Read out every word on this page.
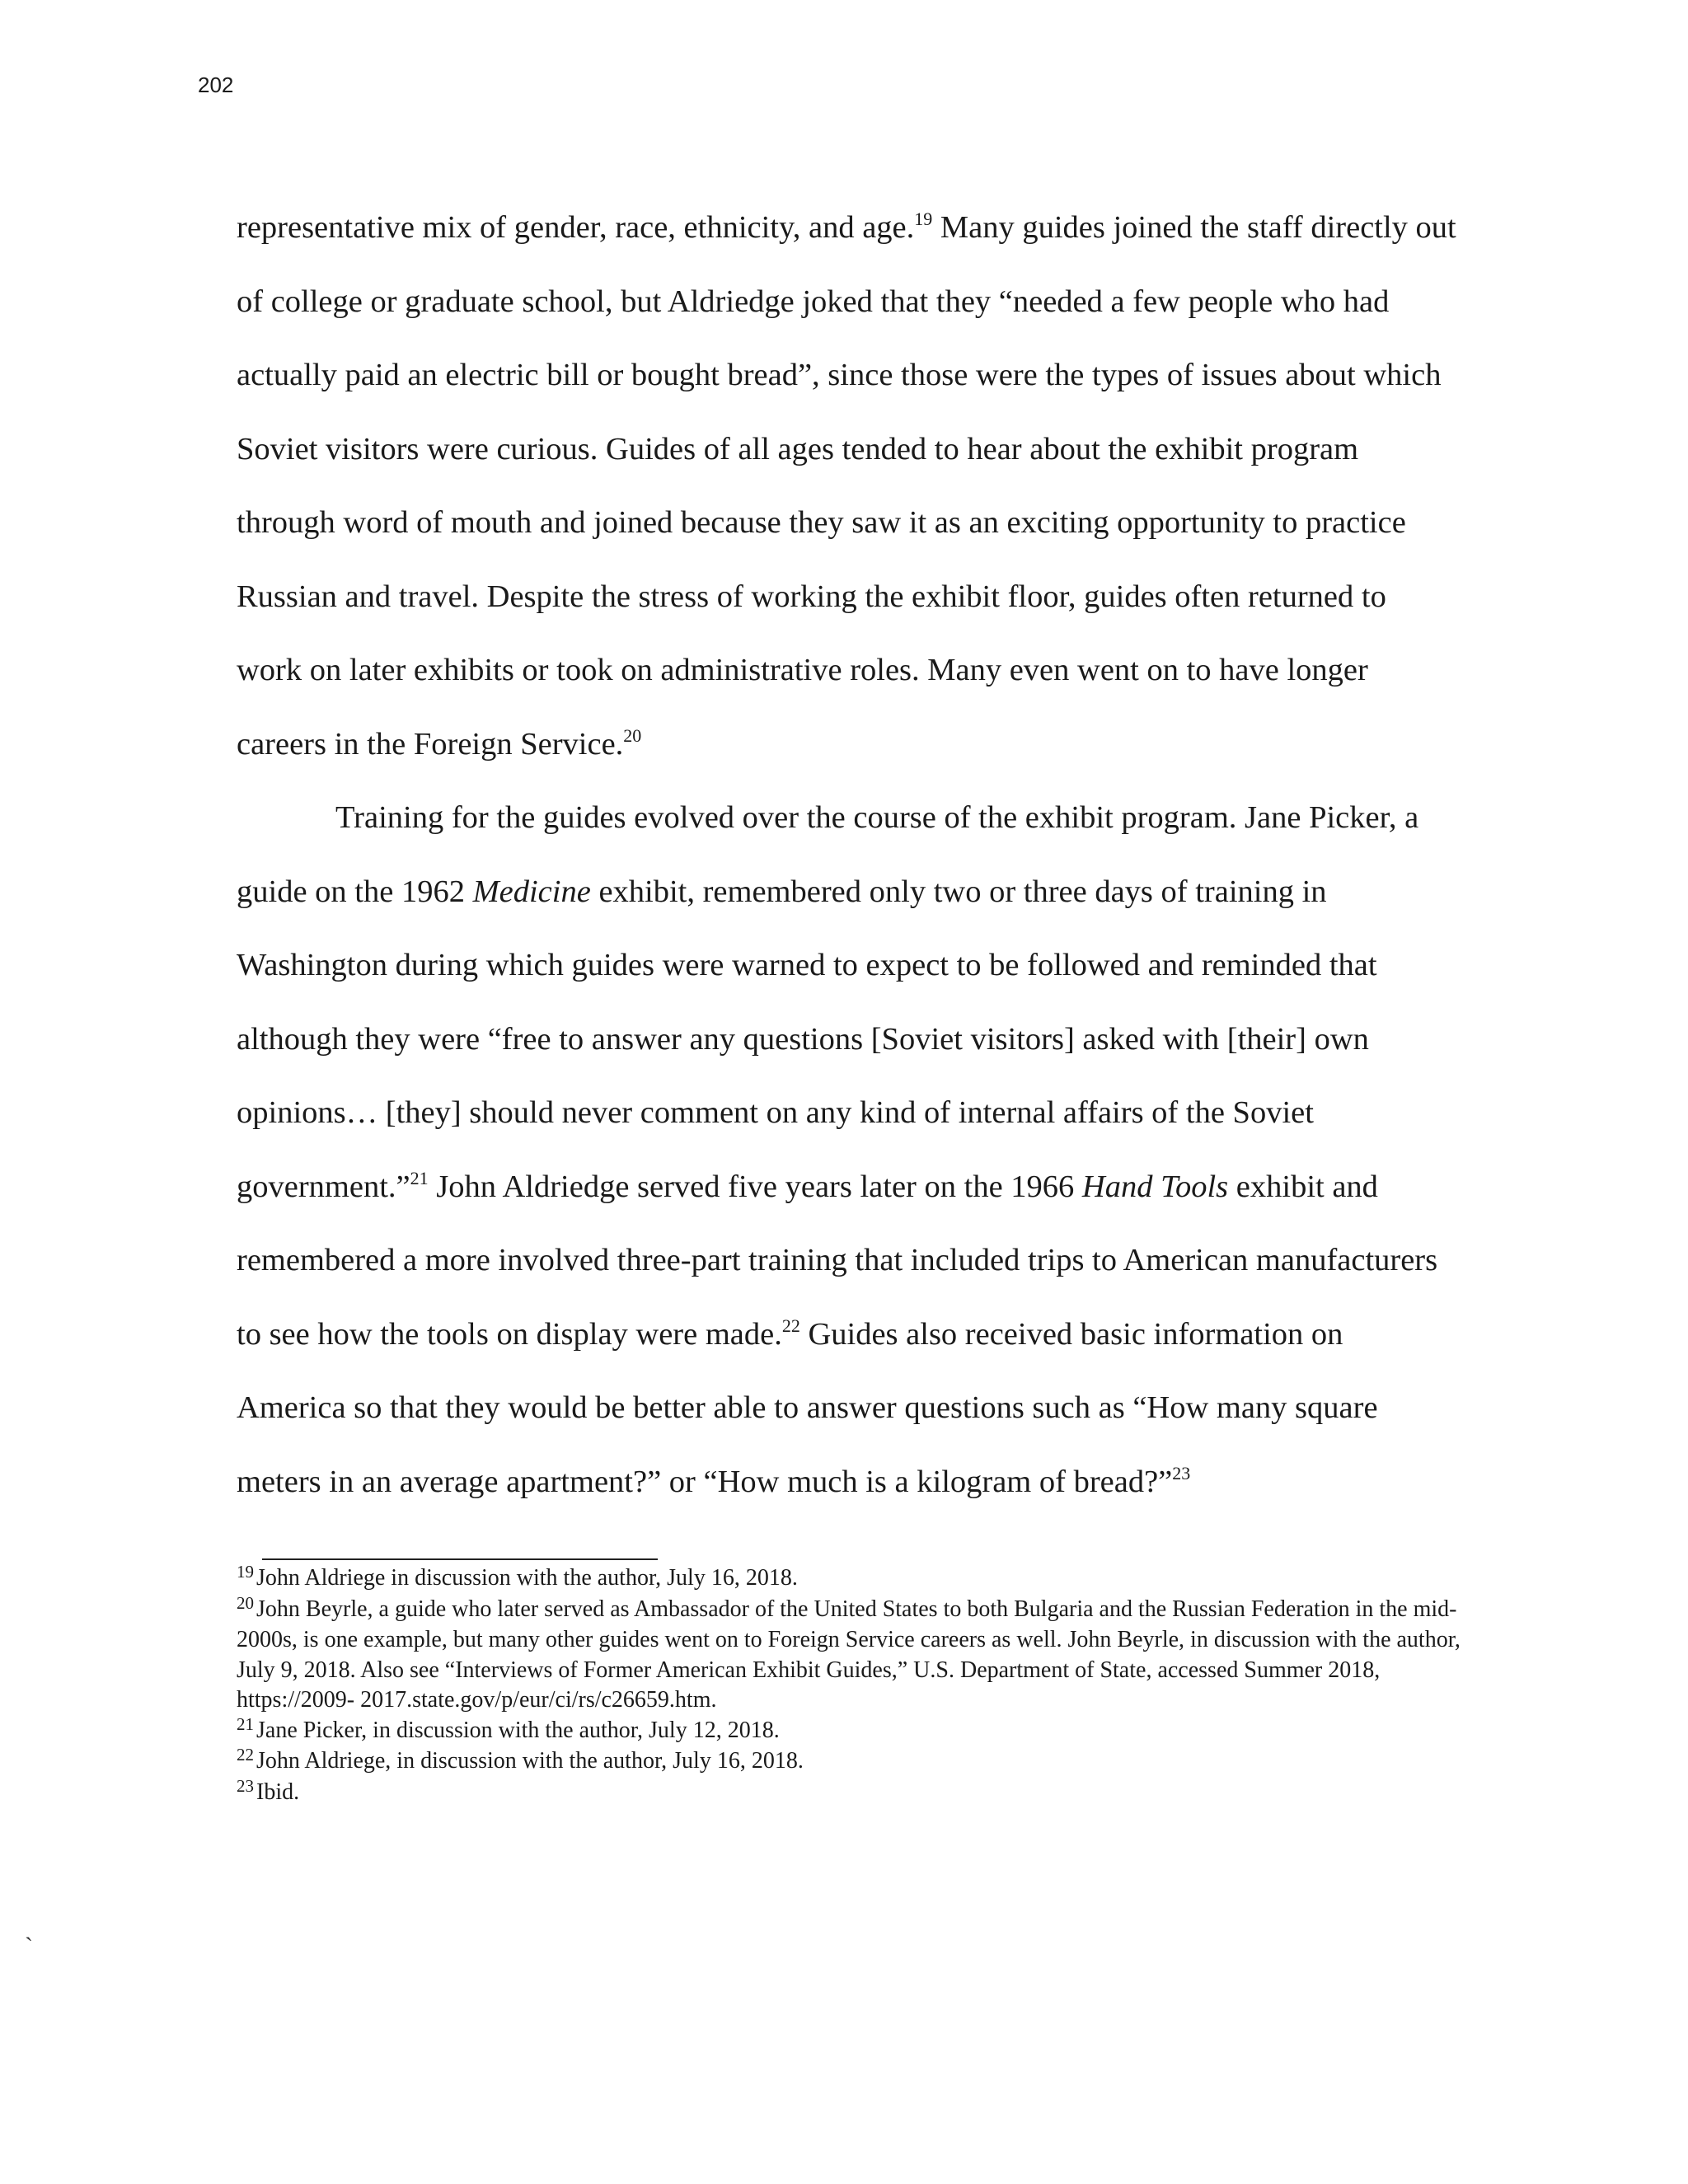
202

representative mix of gender, race, ethnicity, and age.$^{19}$ Many guides joined the staff directly out of college or graduate school, but Aldriedge joked that they “needed a few people who had actually paid an electric bill or bought bread”, since those were the types of issues about which Soviet visitors were curious. Guides of all ages tended to hear about the exhibit program through word of mouth and joined because they saw it as an exciting opportunity to practice Russian and travel. Despite the stress of working the exhibit floor, guides often returned to work on later exhibits or took on administrative roles. Many even went on to have longer careers in the Foreign Service.$^{20}$

Training for the guides evolved over the course of the exhibit program. Jane Picker, a guide on the 1962 Medicine exhibit, remembered only two or three days of training in Washington during which guides were warned to expect to be followed and reminded that although they were “free to answer any questions [Soviet visitors] asked with [their] own opinions… [they] should never comment on any kind of internal affairs of the Soviet government.”$^{21}$ John Aldriedge served five years later on the 1966 Hand Tools exhibit and remembered a more involved three-part training that included trips to American manufacturers to see how the tools on display were made.$^{22}$ Guides also received basic information on America so that they would be better able to answer questions such as “How many square meters in an average apartment?” or “How much is a kilogram of bread?”$^{23}$

$^{19}$ John Aldriege in discussion with the author, July 16, 2018.

$^{20}$ John Beyrle, a guide who later served as Ambassador of the United States to both Bulgaria and the Russian Federation in the mid-2000s, is one example, but many other guides went on to Foreign Service careers as well. John Beyrle, in discussion with the author, July 9, 2018. Also see “Interviews of Former American Exhibit Guides,” U.S. Department of State, accessed Summer 2018, https://2009- 2017.state.gov/p/eur/ci/rs/c26659.htm.

$^{21}$ Jane Picker, in discussion with the author, July 12, 2018.

$^{22}$ John Aldriege, in discussion with the author, July 16, 2018.

$^{23}$ Ibid.

`
